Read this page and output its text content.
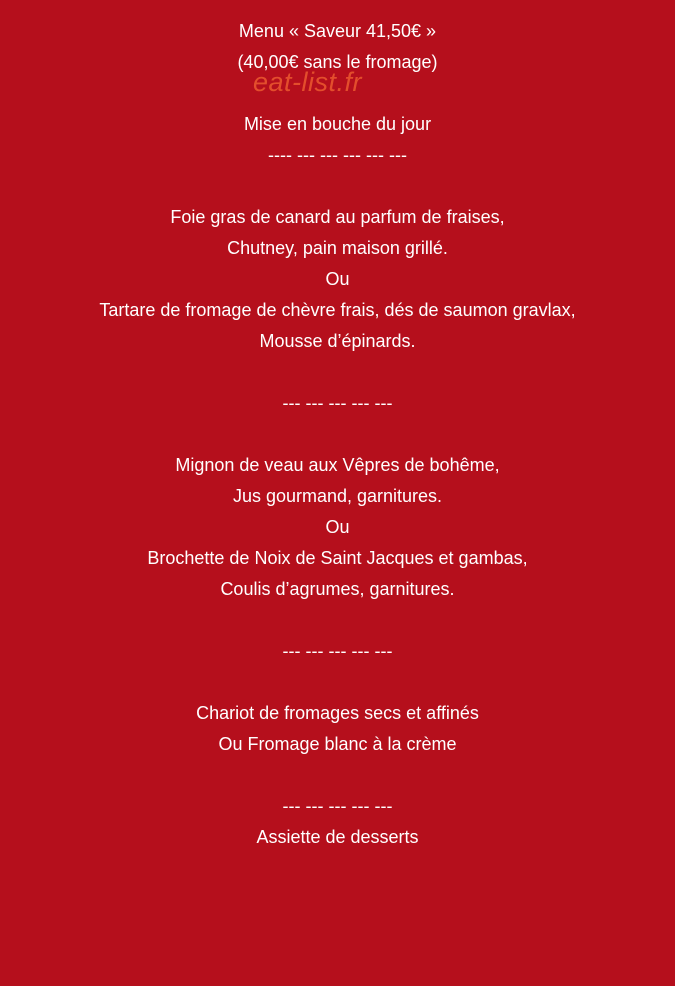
Menu « Saveur 41,50€ »
(40,00€ sans le fromage)
Mise en bouche du jour
---- --- --- --- --- ---
Foie gras de canard au parfum de fraises,
Chutney, pain maison grillé.
Ou
Tartare de fromage de chèvre frais, dés de saumon gravlax,
Mousse d’épinards.
--- --- --- --- ---
Mignon de veau aux Vêpres de bohême,
Jus gourmand, garnitures.
Ou
Brochette de Noix de Saint Jacques et gambas,
Coulis d’agrumes, garnitures.
--- --- --- --- ---
Chariot de fromages secs et affinés
Ou Fromage blanc à la crème
--- --- --- --- ---
Assiette de desserts
eat-list.fr
